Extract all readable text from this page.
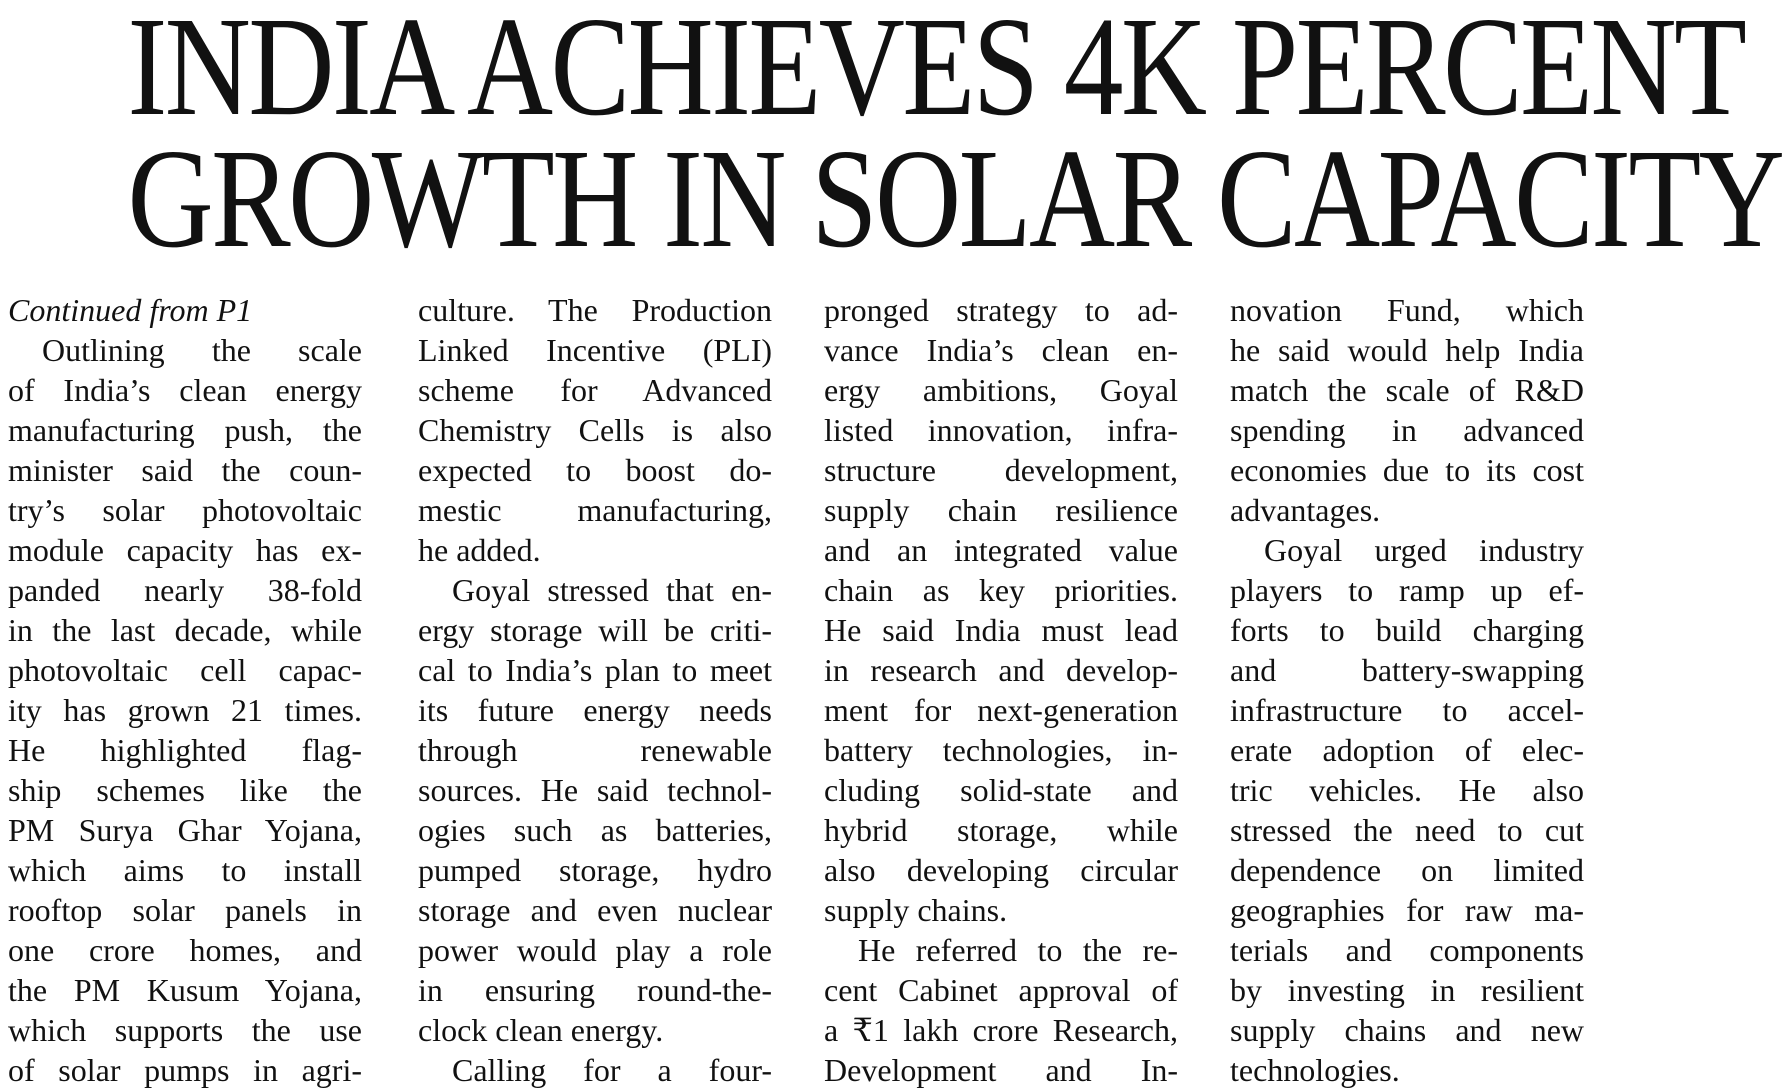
INDIA ACHIEVES 4K PERCENT
GROWTH IN SOLAR CAPACITY
Continued from P1
Outlining the scale
of India’s clean energy
manufacturing push, the
minister said the coun-
try’s solar photovoltaic
module capacity has ex-
panded nearly 38-fold
in the last decade, while
photovoltaic cell capac-
ity has grown 21 times.
He highlighted flag-
ship schemes like the
PM Surya Ghar Yojana,
which aims to install
rooftop solar panels in
one crore homes, and
the PM Kusum Yojana,
which supports the use
of solar pumps in agri-
culture. The Production
Linked Incentive (PLI)
scheme for Advanced
Chemistry Cells is also
expected to boost do-
mestic manufacturing,
he added.
Goyal stressed that en-
ergy storage will be criti-
cal to India’s plan to meet
its future energy needs
through renewable
sources. He said technol-
ogies such as batteries,
pumped storage, hydro
storage and even nuclear
power would play a role
in ensuring round-the-
clock clean energy.
Calling for a four-
pronged strategy to ad-
vance India’s clean en-
ergy ambitions, Goyal
listed innovation, infra-
structure development,
supply chain resilience
and an integrated value
chain as key priorities.
He said India must lead
in research and develop-
ment for next-generation
battery technologies, in-
cluding solid-state and
hybrid storage, while
also developing circular
supply chains.
He referred to the re-
cent Cabinet approval of
a ₹1 lakh crore Research,
Development and In-
novation Fund, which
he said would help India
match the scale of R&D
spending in advanced
economies due to its cost
advantages.
Goyal urged industry
players to ramp up ef-
forts to build charging
and battery-swapping
infrastructure to accel-
erate adoption of elec-
tric vehicles. He also
stressed the need to cut
dependence on limited
geographies for raw ma-
terials and components
by investing in resilient
supply chains and new
technologies.
